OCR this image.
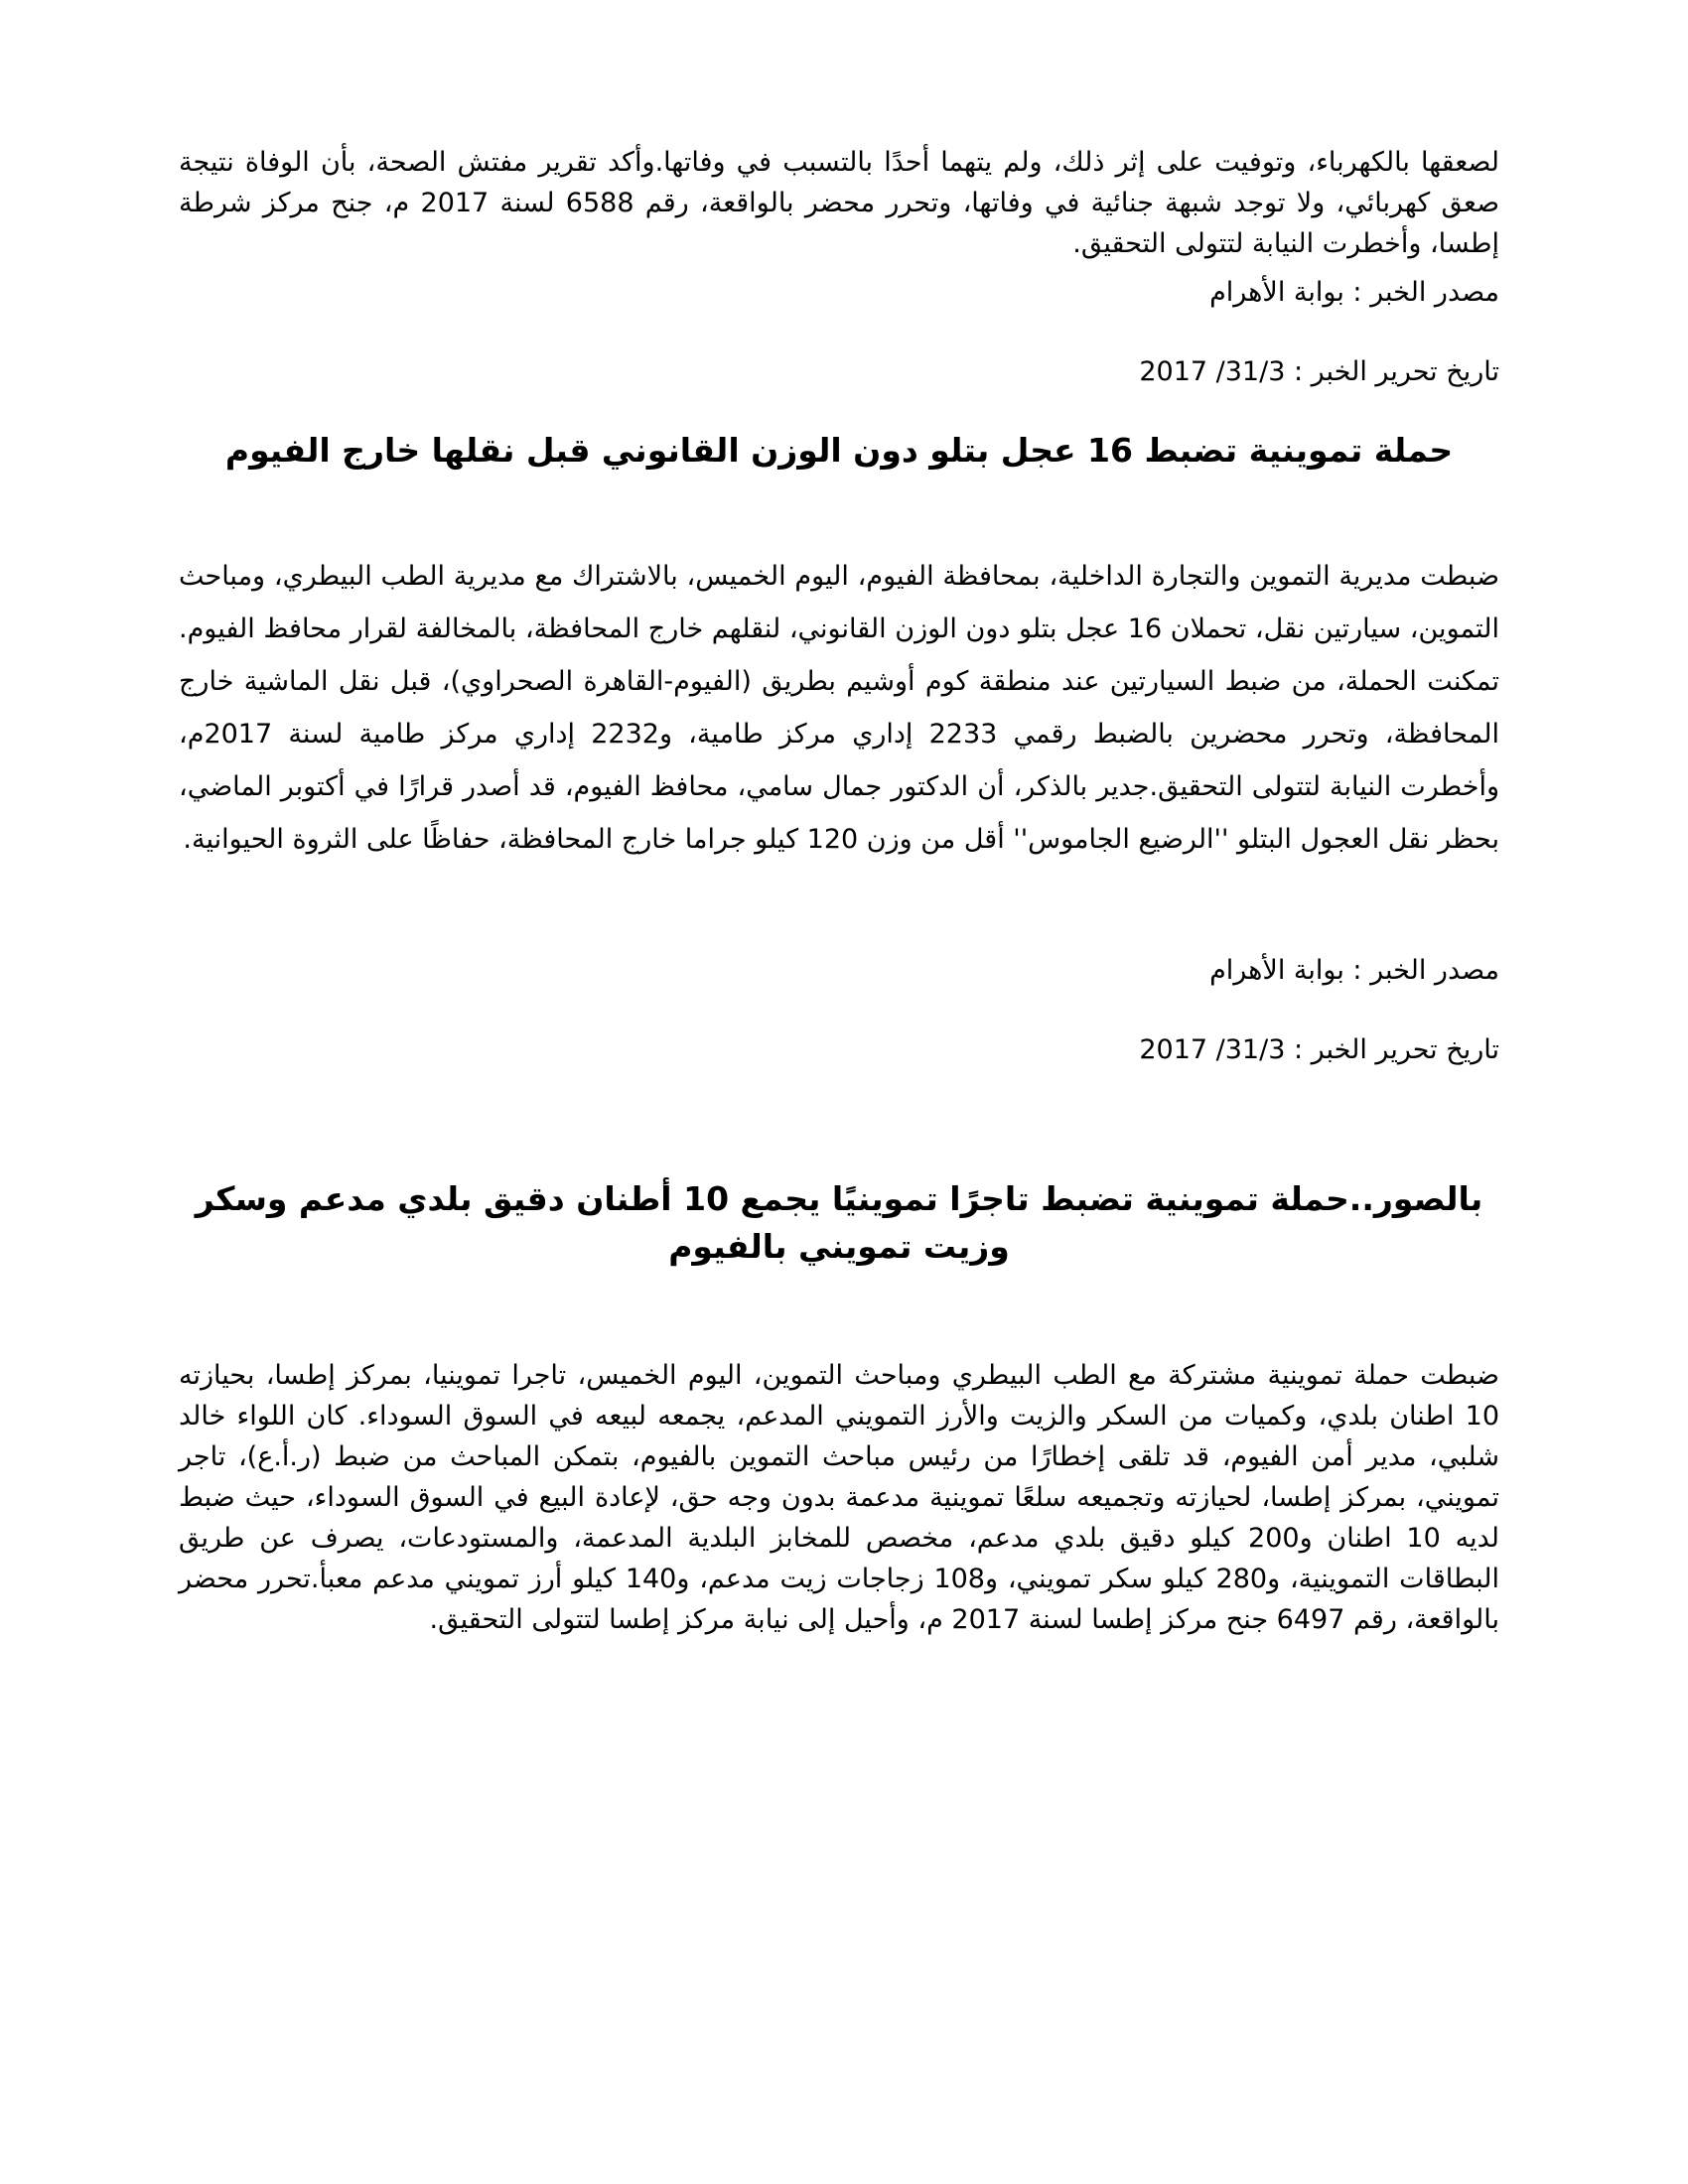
لصعقها بالكهرباء، وتوفيت على إثر ذلك، ولم يتهما أحدًا بالتسبب في وفاتها.وأكد تقرير مفتش الصحة، بأن الوفاة نتيجة صعق كهربائي، ولا توجد شبهة جنائية في وفاتها، وتحرر محضر بالواقعة، رقم 6588 لسنة 2017 م، جنح مركز شرطة إطسا، وأخطرت النيابة لتتولى التحقيق.

مصدر الخبر : بوابة الأهرام

تاريخ تحرير الخبر : 31/3/ 2017

حملة تموينية تضبط 16 عجل بتلو دون الوزن القانوني قبل نقلها خارج الفيوم

ضبطت مديرية التموين والتجارة الداخلية، بمحافظة الفيوم، اليوم الخميس، بالاشتراك مع مديرية الطب البيطري، ومباحث التموين، سيارتين نقل، تحملان 16 عجل بتلو دون الوزن القانوني، لنقلهم خارج المحافظة، بالمخالفة لقرار محافظ الفيوم. تمكنت الحملة، من ضبط السيارتين عند منطقة كوم أوشيم بطريق (الفيوم-القاهرة الصحراوي)، قبل نقل الماشية خارج المحافظة، وتحرر محضرين بالضبط رقمي 2233 إداري مركز طامية، و2232 إداري مركز طامية لسنة 2017م، وأخطرت النيابة لتتولى التحقيق.جدير بالذكر، أن الدكتور جمال سامي، محافظ الفيوم، قد أصدر قرارًا في أكتوبر الماضي، بحظر نقل العجول البتلو ''الرضيع الجاموس'' أقل من وزن 120 كيلو جراما خارج المحافظة، حفاظًا على الثروة الحيوانية.

مصدر الخبر : بوابة الأهرام

تاريخ تحرير الخبر : 31/3/ 2017

بالصور..حملة تموينية تضبط تاجرًا تموينيًا يجمع 10 أطنان دقيق بلدي مدعم وسكر وزيت تمويني بالفيوم

ضبطت حملة تموينية مشتركة مع الطب البيطري ومباحث التموين، اليوم الخميس، تاجرا تموينيا، بمركز إطسا، بحيازته 10 اطنان بلدي، وكميات من السكر والزيت والأرز التمويني المدعم، يجمعه لبيعه في السوق السوداء. كان اللواء خالد شلبي، مدير أمن الفيوم، قد تلقى إخطارًا من رئيس مباحث التموين بالفيوم، بتمكن المباحث من ضبط (ر.أ.ع)، تاجر تمويني، بمركز إطسا، لحيازته وتجميعه سلعًا تموينية مدعمة بدون وجه حق، لإعادة البيع في السوق السوداء، حيث ضبط لديه 10 اطنان و200 كيلو دقيق بلدي مدعم، مخصص للمخابز البلدية المدعمة، والمستودعات، يصرف عن طريق البطاقات التموينية، و280 كيلو سكر تمويني، و108 زجاجات زيت مدعم، و140 كيلو أرز تمويني مدعم معبأ.تحرر محضر بالواقعة، رقم 6497 جنح مركز إطسا لسنة 2017 م، وأحيل إلى نيابة مركز إطسا لتتولى التحقيق.
